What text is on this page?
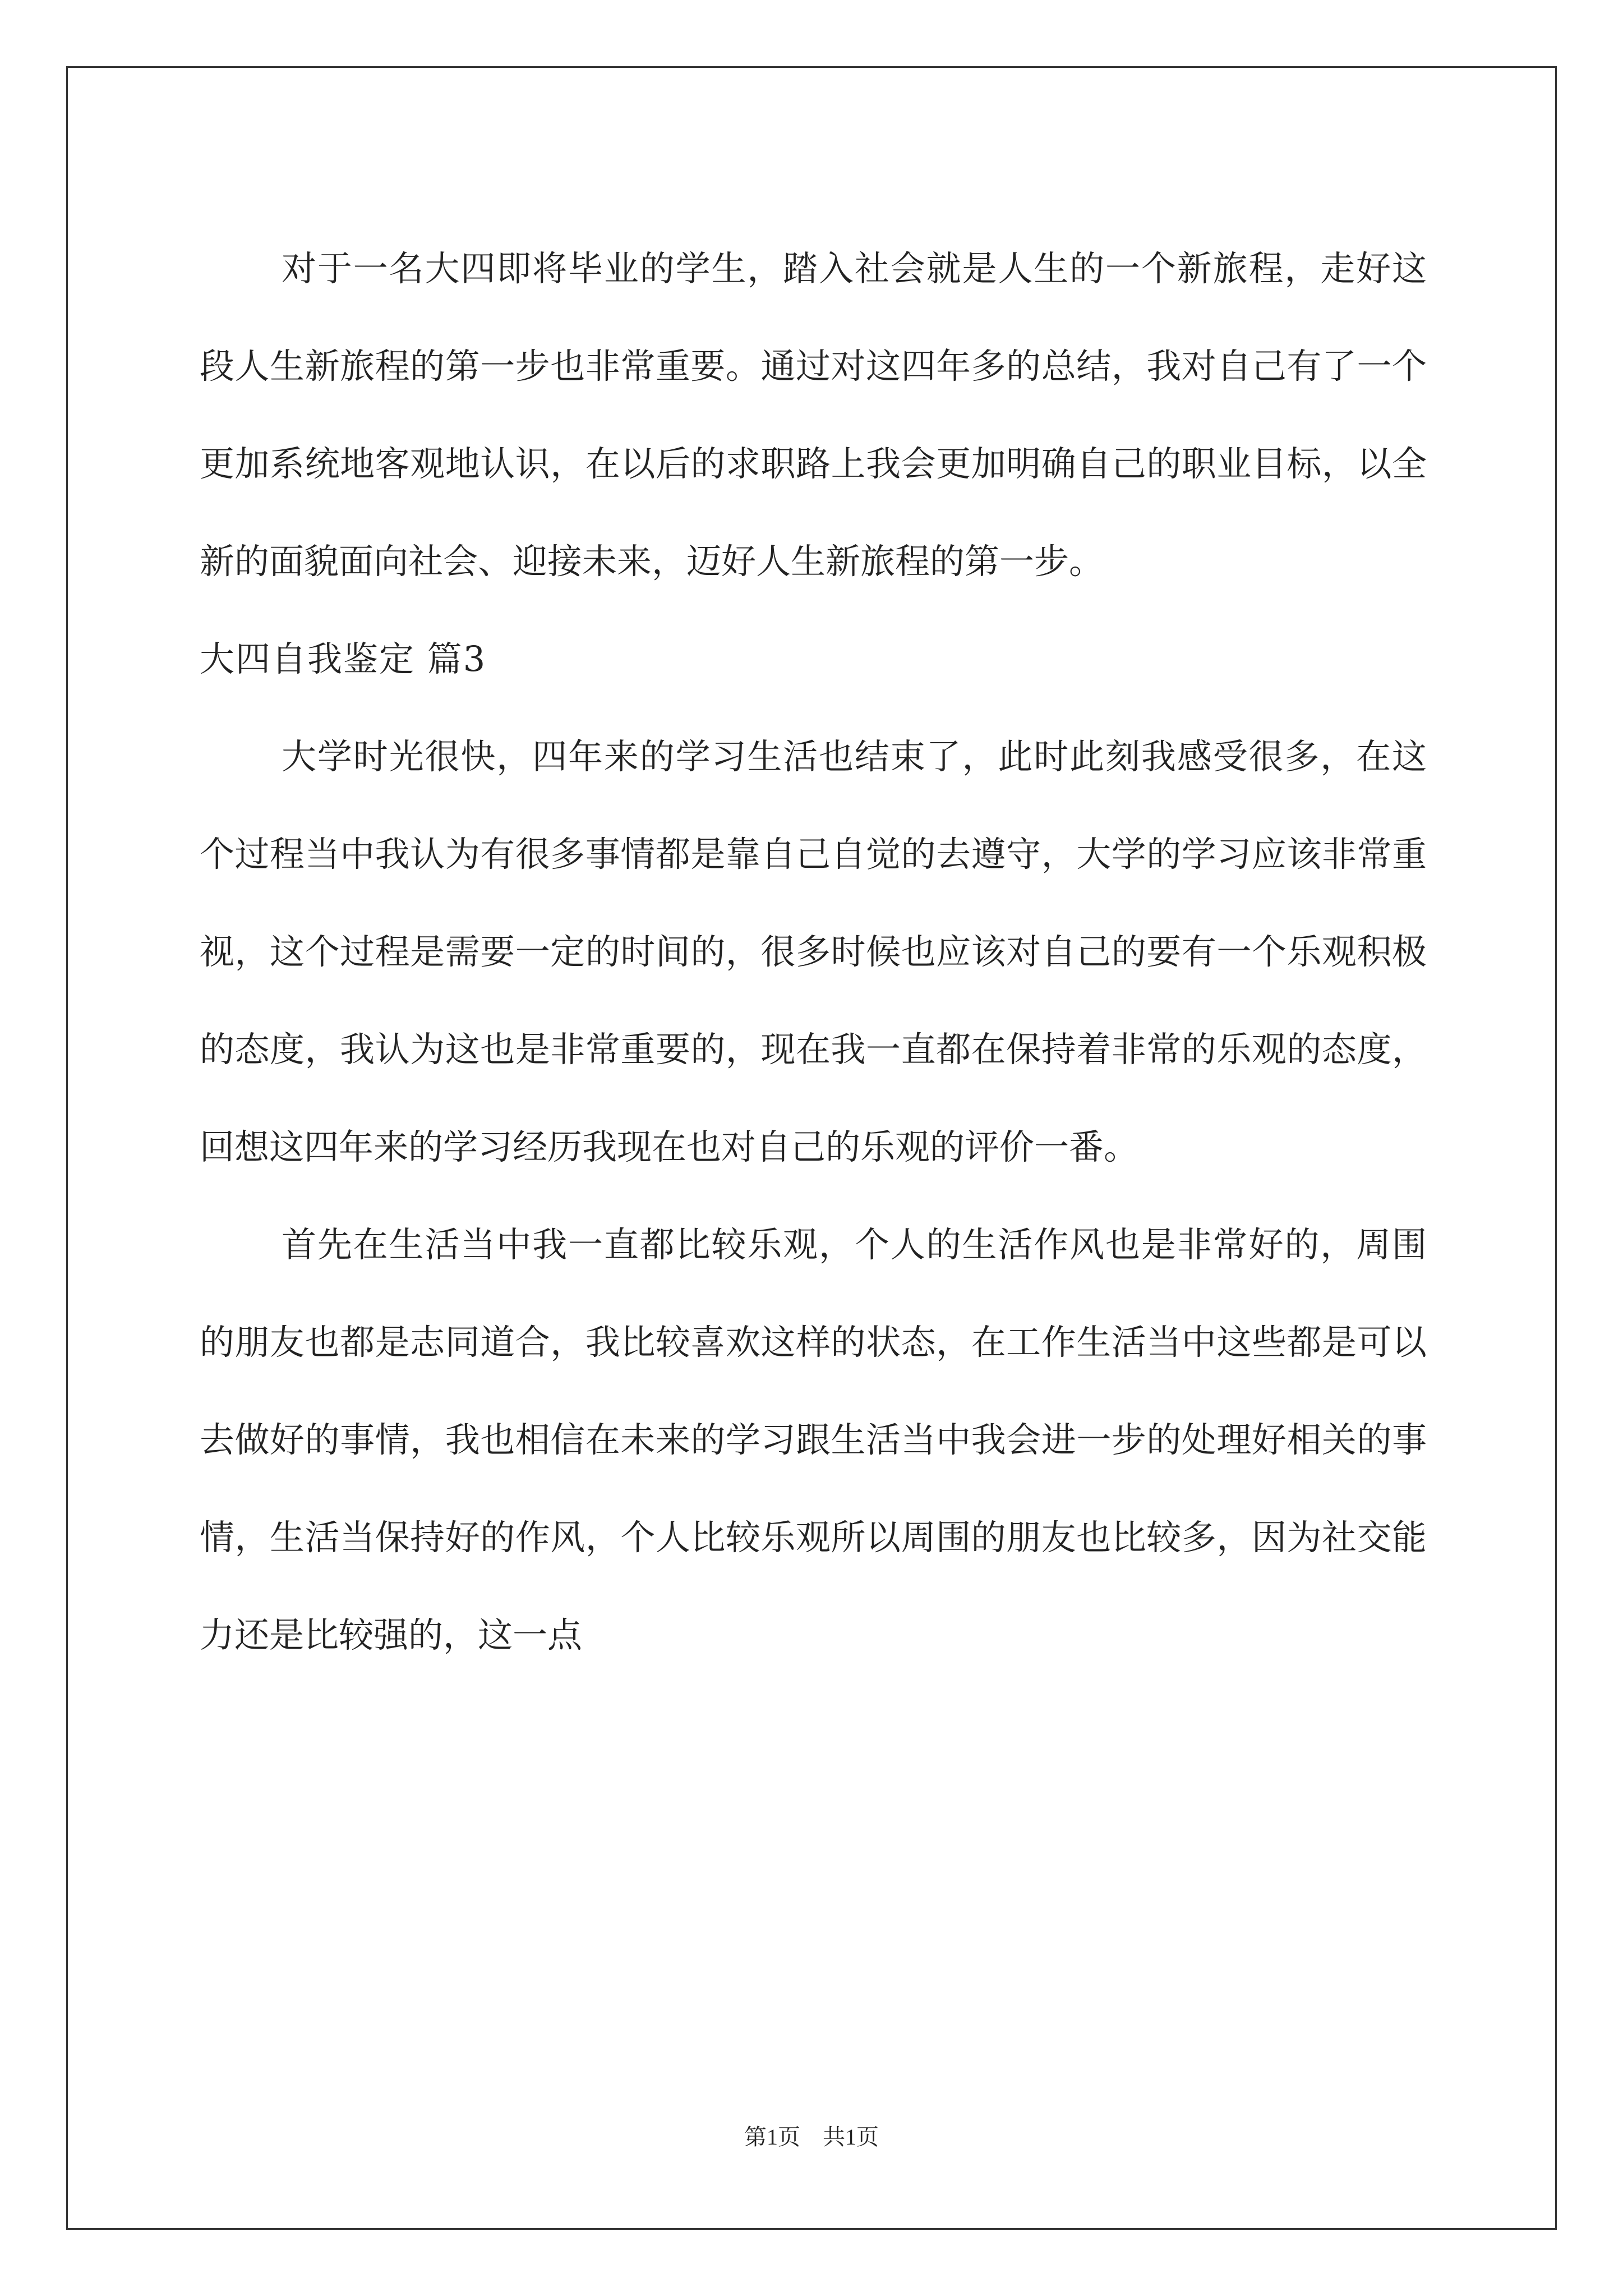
对于一名大四即将毕业的学生，踏入社会就是人生的一个新旅程，走好这段人生新旅程的第一步也非常重要。通过对这四年多的总结，我对自己有了一个更加系统地客观地认识，在以后的求职路上我会更加明确自己的职业目标，以全新的面貌面向社会、迎接未来，迈好人生新旅程的第一步。

大四自我鉴定 篇3

大学时光很快，四年来的学习生活也结束了，此时此刻我感受很多，在这个过程当中我认为有很多事情都是靠自己自觉的去遵守，大学的学习应该非常重视，这个过程是需要一定的时间的，很多时候也应该对自己的要有一个乐观积极的态度，我认为这也是非常重要的，现在我一直都在保持着非常的乐观的态度，回想这四年来的学习经历我现在也对自己的乐观的评价一番。

首先在生活当中我一直都比较乐观，个人的生活作风也是非常好的，周围的朋友也都是志同道合，我比较喜欢这样的状态，在工作生活当中这些都是可以去做好的事情，我也相信在未来的学习跟生活当中我会进一步的处理好相关的事情，生活当保持好的作风，个人比较乐观所以周围的朋友也比较多，因为社交能力还是比较强的，这一点

第1页　共1页
